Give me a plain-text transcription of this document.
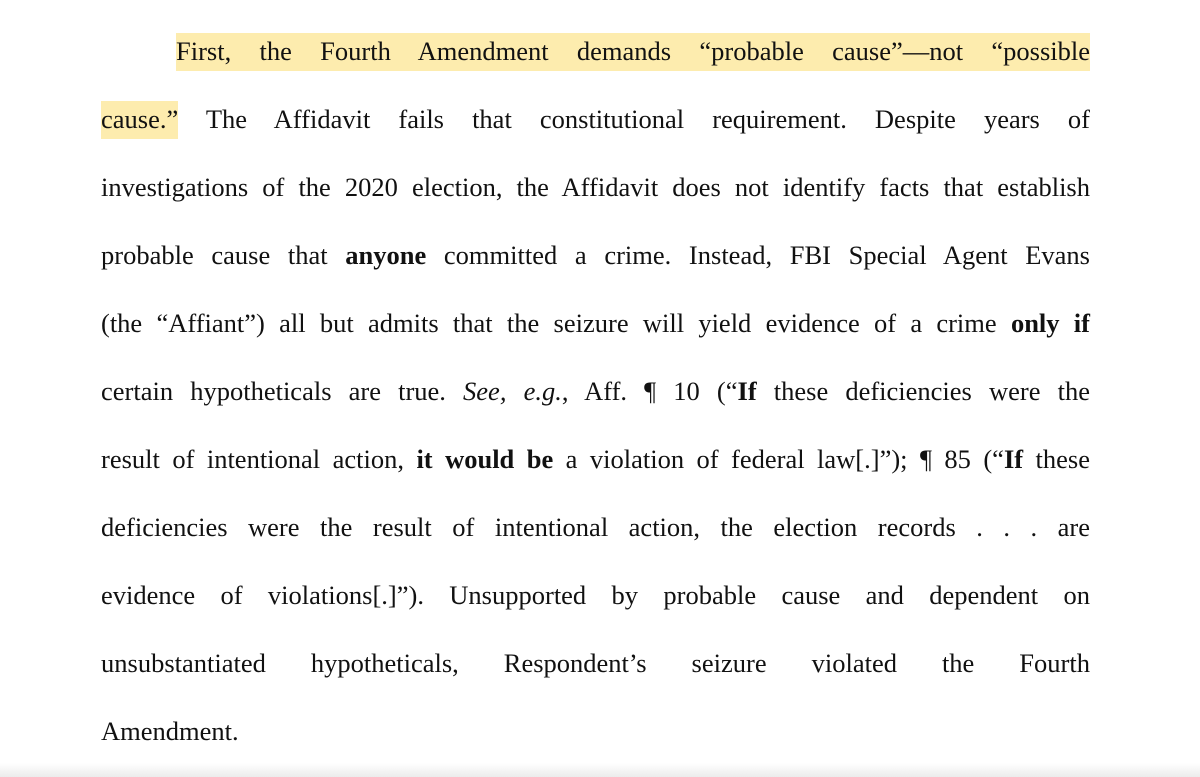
First, the Fourth Amendment demands “probable cause”—not “possible
cause.” The Affidavit fails that constitutional requirement. Despite years of
investigations of the 2020 election, the Affidavit does not identify facts that establish
probable cause that anyone committed a crime. Instead, FBI Special Agent Evans
(the “Affiant”) all but admits that the seizure will yield evidence of a crime only if
certain hypotheticals are true. See, e.g., Aff. ¶ 10 (“If these deficiencies were the
result of intentional action, it would be a violation of federal law[.]”); ¶ 85 (“If these
deficiencies were the result of intentional action, the election records . . . are
evidence of violations[.]”). Unsupported by probable cause and dependent on
unsubstantiated hypotheticals, Respondent’s seizure violated the Fourth
Amendment.
